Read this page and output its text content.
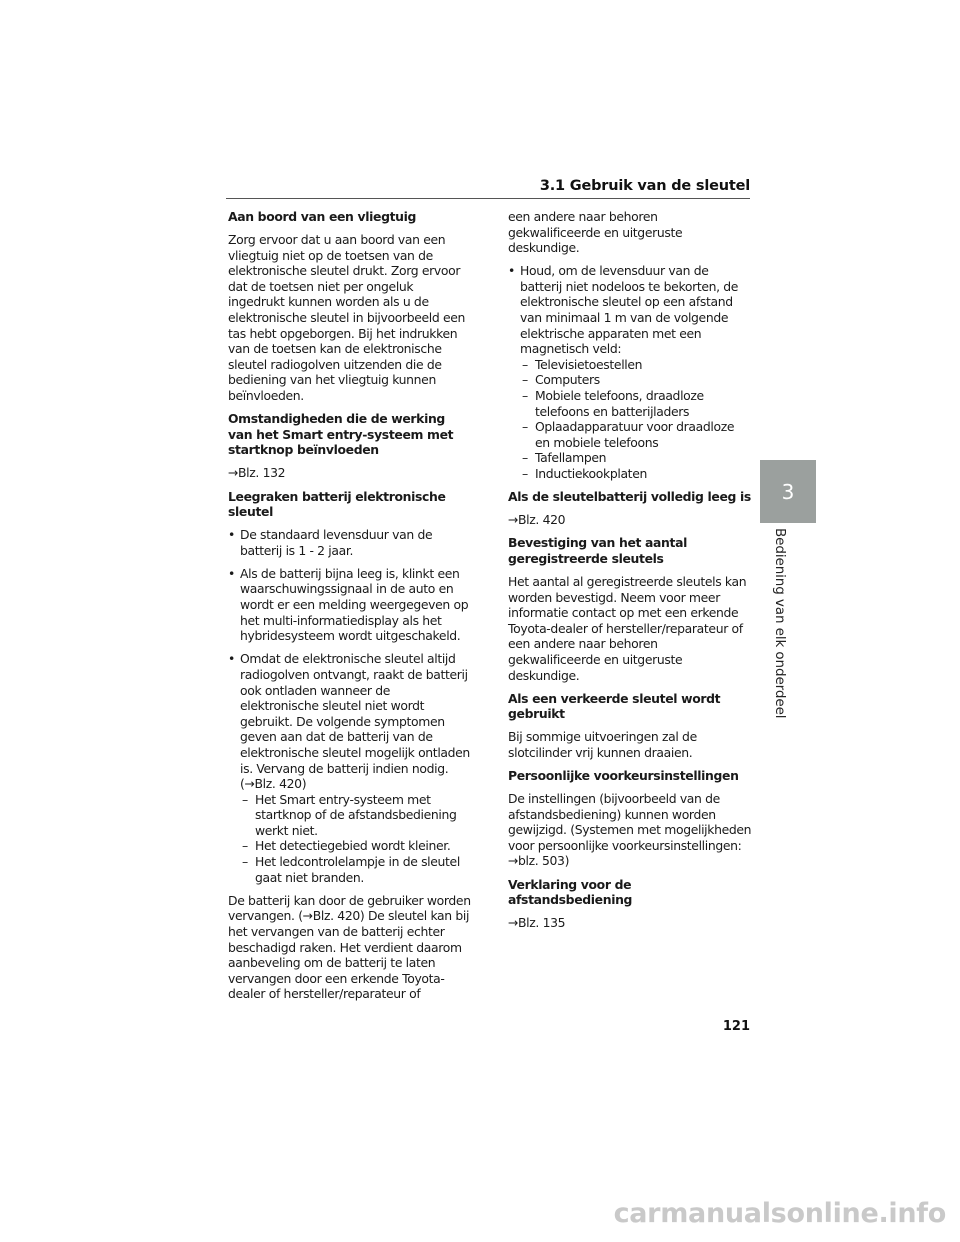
3.1 Gebruik van de sleutel

Aan boord van een vliegtuig

Zorg ervoor dat u aan boord van een vliegtuig niet op de toetsen van de elektronische sleutel drukt. Zorg ervoor dat de toetsen niet per ongeluk ingedrukt kunnen worden als u de elektronische sleutel in bijvoorbeeld een tas hebt opgeborgen. Bij het indrukken van de toetsen kan de elektronische sleutel radiogolven uitzenden die de bediening van het vliegtuig kunnen beïnvloeden.

Omstandigheden die de werking van het Smart entry-systeem met startknop beïnvloeden

→Blz. 132

Leegraken batterij elektronische sleutel

• De standaard levensduur van de batterij is 1 - 2 jaar.

• Als de batterij bijna leeg is, klinkt een waarschuwingssignaal in de auto en wordt er een melding weergegeven op het multi-informatiedisplay als het hybridesysteem wordt uitgeschakeld.

• Omdat de elektronische sleutel altijd radiogolven ontvangt, raakt de batterij ook ontladen wanneer de elektronische sleutel niet wordt gebruikt. De volgende symptomen geven aan dat de batterij van de elektronische sleutel mogelijk ontladen is. Vervang de batterij indien nodig. (→Blz. 420)

– Het Smart entry-systeem met startknop of de afstandsbediening werkt niet.
– Het detectiegebied wordt kleiner.
– Het ledcontrolelampje in de sleutel gaat niet branden.

De batterij kan door de gebruiker worden vervangen. (→Blz. 420) De sleutel kan bij het vervangen van de batterij echter beschadigd raken. Het verdient daarom aanbeveling om de batterij te laten vervangen door een erkende Toyota-dealer of hersteller/reparateur of

een andere naar behoren gekwalificeerde en uitgeruste deskundige.

• Houd, om de levensduur van de batterij niet nodeloos te bekorten, de elektronische sleutel op een afstand van minimaal 1 m van de volgende elektrische apparaten met een magnetisch veld:

– Televisietoestellen
– Computers
– Mobiele telefoons, draadloze telefoons en batterijladers
– Oplaadapparatuur voor draadloze en mobiele telefoons
– Tafellampen
– Inductiekookplaten

Als de sleutelbatterij volledig leeg is

→Blz. 420

Bevestiging van het aantal geregistreerde sleutels

Het aantal al geregistreerde sleutels kan worden bevestigd. Neem voor meer informatie contact op met een erkende Toyota-dealer of hersteller/reparateur of een andere naar behoren gekwalificeerde en uitgeruste deskundige.

Als een verkeerde sleutel wordt gebruikt

Bij sommige uitvoeringen zal de slotcilinder vrij kunnen draaien.

Persoonlijke voorkeursinstellingen

De instellingen (bijvoorbeeld van de afstandsbediening) kunnen worden gewijzigd. (Systemen met mogelijkheden voor persoonlijke voorkeursinstellingen: →blz. 503)

Verklaring voor de afstandsbediening

→Blz. 135

3
Bediening van elk onderdeel
121
carmanualsonline.info
